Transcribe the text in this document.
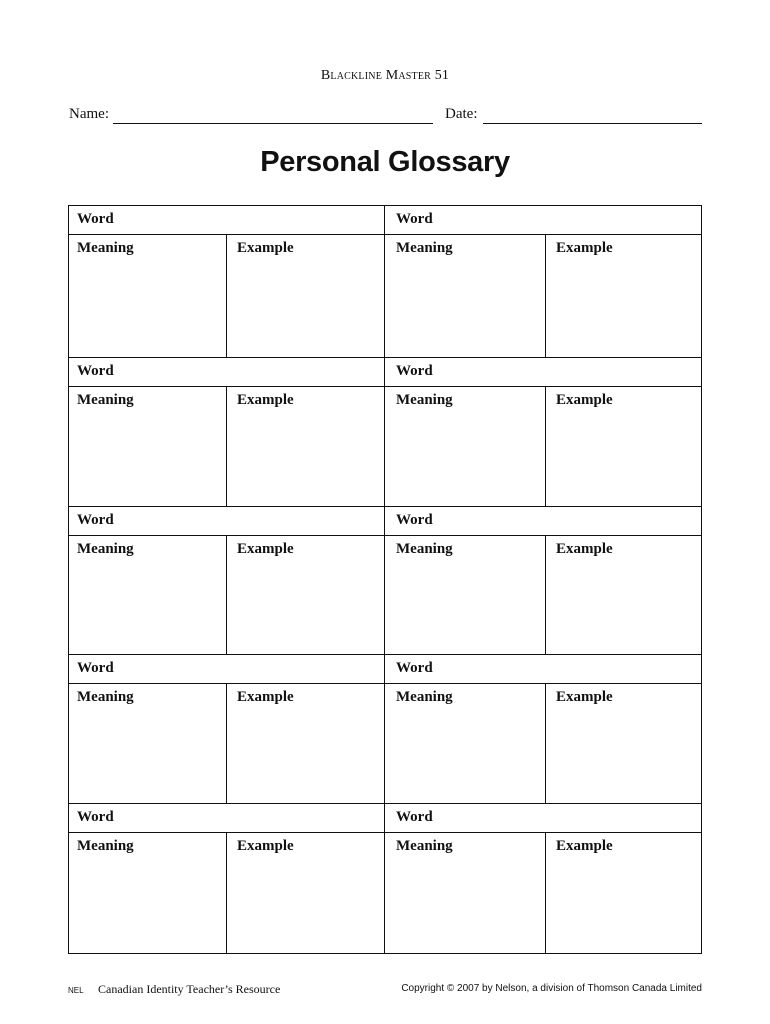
Blackline Master 51
Name:	Date:
Personal Glossary
Word	Word
Meaning	Example	Meaning	Example
Word	Word
Meaning	Example	Meaning	Example
Word	Word
Meaning	Example	Meaning	Example
Word	Word
Meaning	Example	Meaning	Example
Word	Word
Meaning	Example	Meaning	Example
NEL Canadian Identity Teacher’s Resource	Copyright © 2007 by Nelson, a division of Thomson Canada Limited
